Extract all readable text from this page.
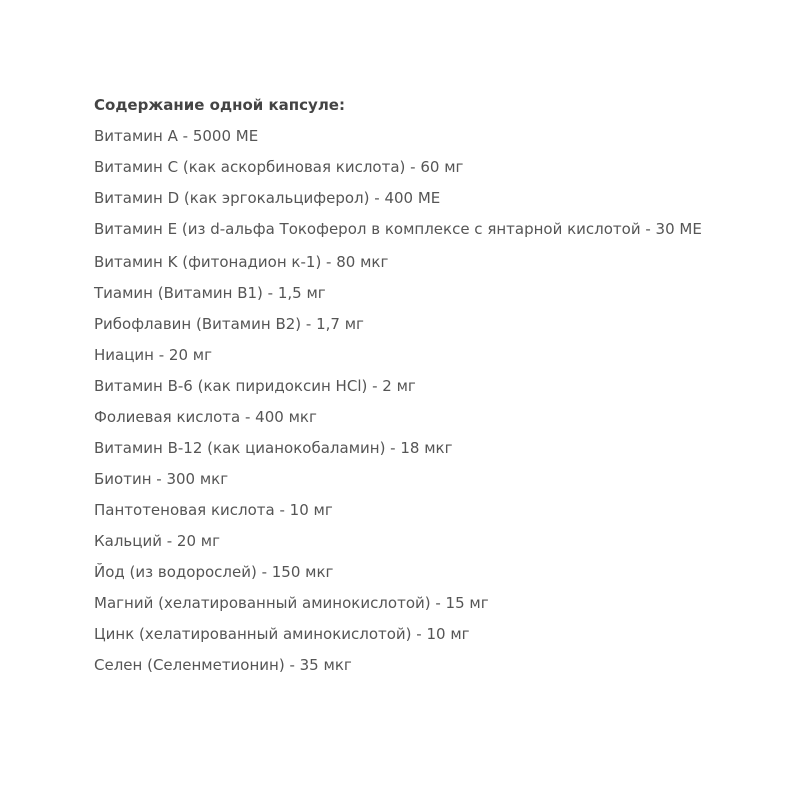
Содержание одной капсуле:

Витамин А - 5000 МЕ
Витамин С (как аскорбиновая кислота) - 60 мг
Витамин D (как эргокальциферол) - 400 МЕ
Витамин E (из d-альфа Токоферол в комплексе с янтарной кислотой - 30 МЕ
Витамин K (фитонадион к-1) - 80 мкг
Тиамин (Витамин B1) - 1,5 мг
Рибофлавин (Витамин B2) - 1,7 мг
Ниацин - 20 мг
Витамин B-6 (как пиридоксин HCl) - 2 мг
Фолиевая кислота - 400 мкг
Витамин B-12 (как цианокобаламин) - 18 мкг
Биотин - 300 мкг
Пантотеновая кислота - 10 мг
Кальций - 20 мг
Йод (из водорослей) - 150 мкг
Магний (хелатированный аминокислотой) - 15 мг
Цинк (хелатированный аминокислотой) - 10 мг
Селен (Селенметионин) - 35 мкг
